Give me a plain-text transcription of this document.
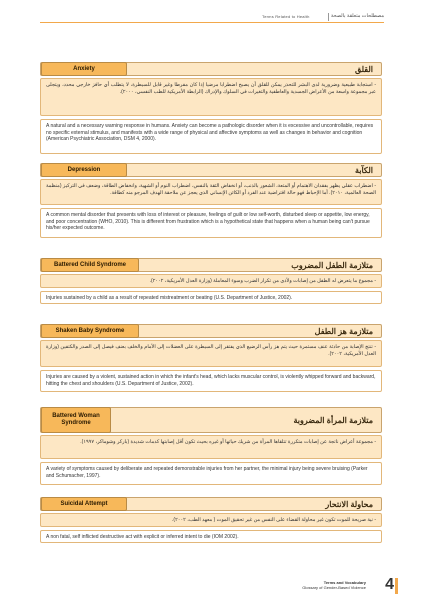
Terms Related to Health	مصطلحات متعلقة بالصحة
Anxiety	القلق
- استجابة طبيعية وضرورية لدى البشر للتحذر يمكن للقلق أن يصبح اضطرابا مرضيا إذا كان مفرطا وغير قابل للسيطرة، لا يتطلب أي حافز خارجي محدد، ويتجلى عبر مجموعة واسعة من الأعراض الجسدية والعاطفية والتغيرات في السلوك والإدراك (الرابطة الأمريكية للطب النفسي، ٢٠٠٠).
A natural and a necessary warning response in humans. Anxiety can become a pathologic disorder when it is excessive and uncontrollable, requires no specific external stimulus, and manifests with a wide range of physical and affective symptoms as well as changes in behavior and cognition (American Psychiatric Association, DSM 4, 2000).
Depression	الكآبة
- اضطراب عقلي يظهر بفقدان الاهتمام أو المتعة، الشعور بالذنب، أو انخفاض الثقة بالنفس، اضطراب النوم أو الشهية، وانخفاض الطاقة، وضعف في التركيز (منظمة الصحة العالمية، ٢٠١٠). أما الإحباط فهو حالة افتراضية عند الفرد أو الكائن الإنساني الذي يعجز عن ملاحقة الهدف المرجو منه كطاقة.
A common mental disorder that presents with loss of interest or pleasure, feelings of guilt or low self-worth, disturbed sleep or appetite, low energy, and poor concentration (WHO, 2010). This is different from frustration which is a hypothetical state that happens when a human being can't pursue his/her expected outcome.
Battered Child Syndrome	متلازمة الطفل المضروب
- مجموع ما يتعرض له الطفل من إصابات ولأذى من تكرار الضرب وسوء المعاملة (وزارة العدل الأمريكية، ٢٠٠٢).
Injuries sustained by a child as a result of repeated mistreatment or beating (U.S. Department of Justice, 2002).
Shaken Baby Syndrome	متلازمة هز الطفل
- تنتج الإصابة من حادثة عنف مستمرة حيث يتم هز رأس الرضيع الذي يفتقر إلى السيطرة على العضلات إلى الأمام والخلف بعنف فيصل إلى الصدر والكتفين (وزارة العدل الأمريكية، ٢٠٠٢).
Injuries are caused by a violent, sustained action in which the infant's head, which lacks muscular control, is violently whipped forward and backward, hitting the chest and shoulders (U.S. Department of Justice, 2002).
Battered Woman Syndrome	متلازمة المرأة المضروبة
- مجموعة أعراض ناتجة عن إصابات متكررة تتلقاها المرأة من شريك حياتها أو غيره بحيث تكون أقل إصابتها كدمات شديدة (باركر وشوماكر، ١٩٩٧).
A variety of symptoms caused by deliberate and repeated demonstrable injuries from her partner, the minimal injury being severe bruising (Parker and Schumacher, 1997).
Suicidal Attempt	محاولة الانتحار
- نية صريحة للموت تكون غير محاولة القضاء على النفس من غير تحقيق الموت ( معهد الطب، ٢٠٠٢).
A non fatal, self inflicted destructive act with explicit or inferred intent to die (IOM 2002).
Terms and Vocabulary
Glossary of Gender-Based Violence 4
